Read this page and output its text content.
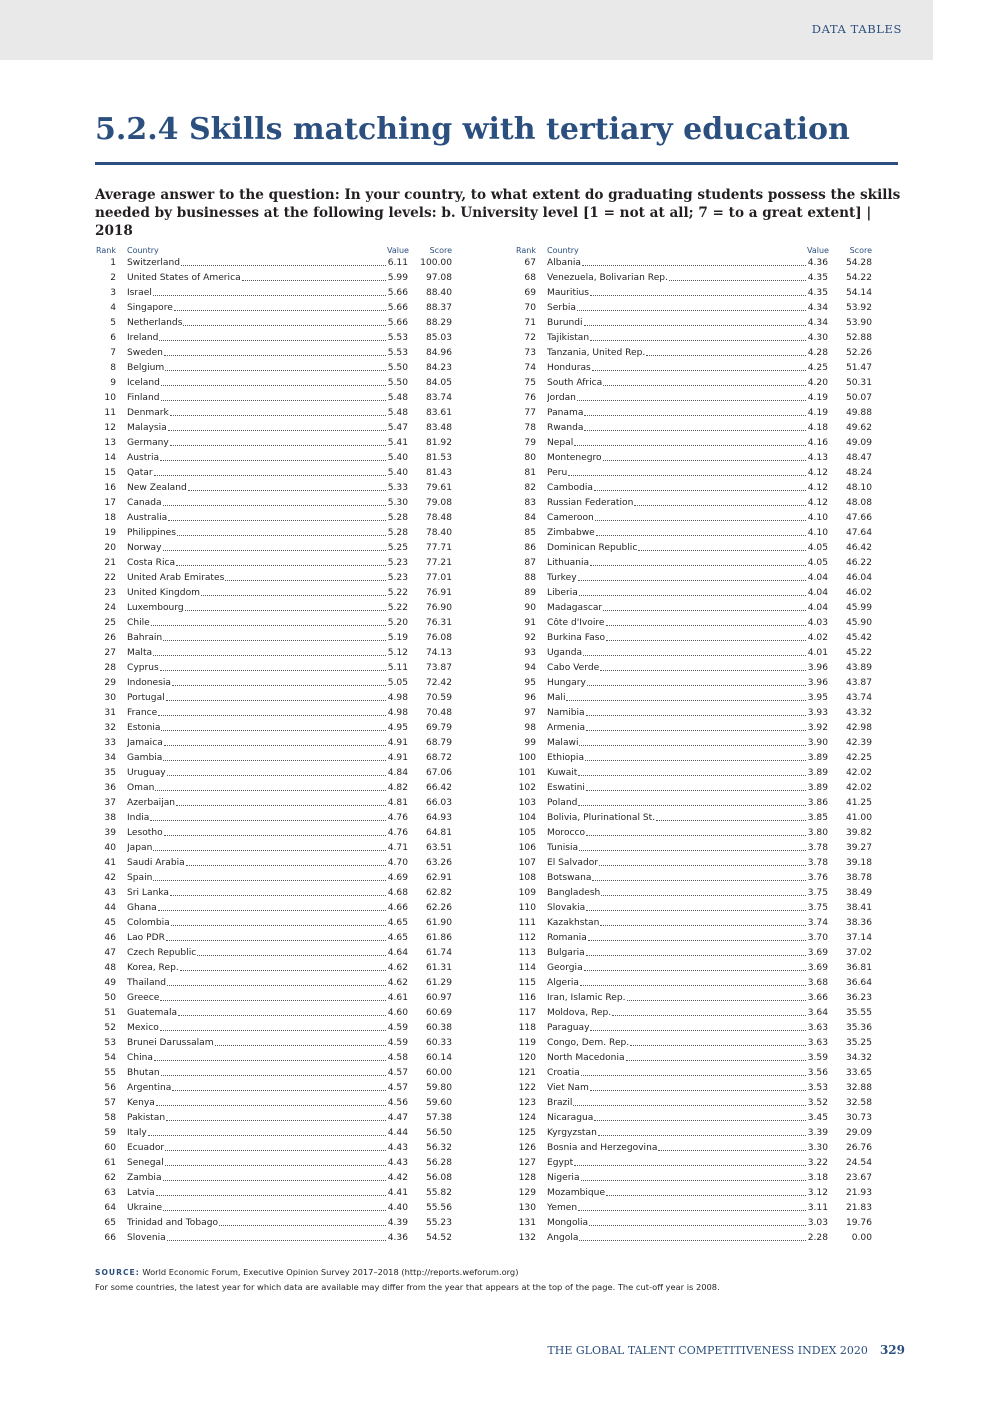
DATA TABLES
5.2.4 Skills matching with tertiary education

Average answer to the question: In your country, to what extent do graduating students possess the skills needed by businesses at the following levels: b. University level [1 = not at all; 7 = to a great extent] | 2018

Rank Country	Value	Score
1 Switzerland	6.11	100.00
2 United States of America	5.99	97.08
3 Israel	5.66	88.40
4 Singapore	5.66	88.37
5 Netherlands	5.66	88.29
6 Ireland	5.53	85.03
7 Sweden	5.53	84.96
8 Belgium	5.50	84.23
9 Iceland	5.50	84.05
10 Finland	5.48	83.74
11 Denmark	5.48	83.61
12 Malaysia	5.47	83.48
13 Germany	5.41	81.92
14 Austria	5.40	81.53
15 Qatar	5.40	81.43
16 New Zealand	5.33	79.61
17 Canada	5.30	79.08
18 Australia	5.28	78.48
19 Philippines	5.28	78.40
20 Norway	5.25	77.71
21 Costa Rica	5.23	77.21
22 United Arab Emirates	5.23	77.01
23 United Kingdom	5.22	76.91
24 Luxembourg	5.22	76.90
25 Chile	5.20	76.31
26 Bahrain	5.19	76.08
27 Malta	5.12	74.13
28 Cyprus	5.11	73.87
29 Indonesia	5.05	72.42
30 Portugal	4.98	70.59
31 France	4.98	70.48
32 Estonia	4.95	69.79
33 Jamaica	4.91	68.79
34 Gambia	4.91	68.72
35 Uruguay	4.84	67.06
36 Oman	4.82	66.42
37 Azerbaijan	4.81	66.03
38 India	4.76	64.93
39 Lesotho	4.76	64.81
40 Japan	4.71	63.51
41 Saudi Arabia	4.70	63.26
42 Spain	4.69	62.91
43 Sri Lanka	4.68	62.82
44 Ghana	4.66	62.26
45 Colombia	4.65	61.90
46 Lao PDR	4.65	61.86
47 Czech Republic	4.64	61.74
48 Korea, Rep.	4.62	61.31
49 Thailand	4.62	61.29
50 Greece	4.61	60.97
51 Guatemala	4.60	60.69
52 Mexico	4.59	60.38
53 Brunei Darussalam	4.59	60.33
54 China	4.58	60.14
55 Bhutan	4.57	60.00
56 Argentina	4.57	59.80
57 Kenya	4.56	59.60
58 Pakistan	4.47	57.38
59 Italy	4.44	56.50
60 Ecuador	4.43	56.32
61 Senegal	4.43	56.28
62 Zambia	4.42	56.08
63 Latvia	4.41	55.82
64 Ukraine	4.40	55.56
65 Trinidad and Tobago	4.39	55.23
66 Slovenia	4.36	54.52
Rank Country	Value	Score
67 Albania	4.36	54.28
68 Venezuela, Bolivarian Rep.	4.35	54.22
69 Mauritius	4.35	54.14
70 Serbia	4.34	53.92
71 Burundi	4.34	53.90
72 Tajikistan	4.30	52.88
73 Tanzania, United Rep.	4.28	52.26
74 Honduras	4.25	51.47
75 South Africa	4.20	50.31
76 Jordan	4.19	50.07
77 Panama	4.19	49.88
78 Rwanda	4.18	49.62
79 Nepal	4.16	49.09
80 Montenegro	4.13	48.47
81 Peru	4.12	48.24
82 Cambodia	4.12	48.10
83 Russian Federation	4.12	48.08
84 Cameroon	4.10	47.66
85 Zimbabwe	4.10	47.64
86 Dominican Republic	4.05	46.42
87 Lithuania	4.05	46.22
88 Turkey	4.04	46.04
89 Liberia	4.04	46.02
90 Madagascar	4.04	45.99
91 Côte d'Ivoire	4.03	45.90
92 Burkina Faso	4.02	45.42
93 Uganda	4.01	45.22
94 Cabo Verde	3.96	43.89
95 Hungary	3.96	43.87
96 Mali	3.95	43.74
97 Namibia	3.93	43.32
98 Armenia	3.92	42.98
99 Malawi	3.90	42.39
100 Ethiopia	3.89	42.25
101 Kuwait	3.89	42.02
102 Eswatini	3.89	42.02
103 Poland	3.86	41.25
104 Bolivia, Plurinational St.	3.85	41.00
105 Morocco	3.80	39.82
106 Tunisia	3.78	39.27
107 El Salvador	3.78	39.18
108 Botswana	3.76	38.78
109 Bangladesh	3.75	38.49
110 Slovakia	3.75	38.41
111 Kazakhstan	3.74	38.36
112 Romania	3.70	37.14
113 Bulgaria	3.69	37.02
114 Georgia	3.69	36.81
115 Algeria	3.68	36.64
116 Iran, Islamic Rep.	3.66	36.23
117 Moldova, Rep.	3.64	35.55
118 Paraguay	3.63	35.36
119 Congo, Dem. Rep.	3.63	35.25
120 North Macedonia	3.59	34.32
121 Croatia	3.56	33.65
122 Viet Nam	3.53	32.88
123 Brazil	3.52	32.58
124 Nicaragua	3.45	30.73
125 Kyrgyzstan	3.39	29.09
126 Bosnia and Herzegovina	3.30	26.76
127 Egypt	3.22	24.54
128 Nigeria	3.18	23.67
129 Mozambique	3.12	21.93
130 Yemen	3.11	21.83
131 Mongolia	3.03	19.76
132 Angola	2.28	0.00
SOURCE: World Economic Forum, Executive Opinion Survey 2017–2018 (http://reports.weforum.org)
For some countries, the latest year for which data are available may differ from the year that appears at the top of the page. The cut-off year is 2008.
THE GLOBAL TALENT COMPETITIVENESS INDEX 2020 329
